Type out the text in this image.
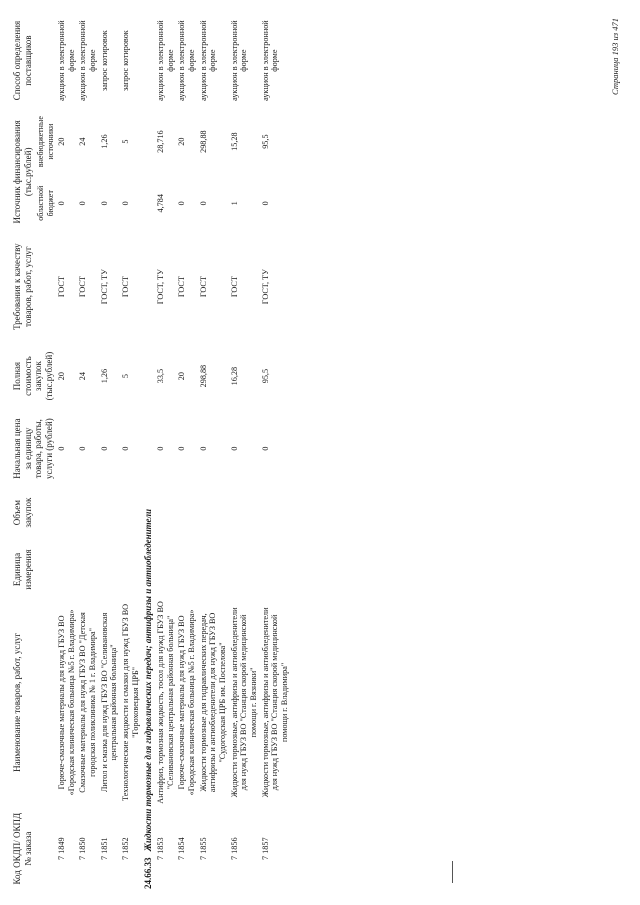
Код ОКДП/ ОКПД № заказа	Наименование товаров, работ, услуг	Единица измерения	Объем закупок	Начальная цена за единицу товара, работы, услуги (рублей)	Полная стоимость закупок (тыс.рублей)	Требования к качеству товаров, работ, услуг	Источник финансирования (тыс.рублей)		Способ определения поставщиков
							областной бюджет	внебюджетные источники	
7 1849	Горюче-смазочные материалы для нужд ГБУЗ ВО «Городская клиническая больница №5 г. Владимира»			0	20	ГОСТ	0	20	аукцион в электронной форме
7 1850	Смазочные материалы для нужд ГБУЗ ВО "Детская городская поликлиника № 1 г. Владимира"			0	24	ГОСТ	0	24	аукцион в электронной форме
7 1851	Литол и смазка для нужд ГБУЗ ВО "Селивановская центральная районная больница"			0	1,26	ГОСТ, ТУ	0	1,26	запрос котировок
7 1852	Технологические жидкости и смазки для нужд ГБУЗ ВО "Гороховецкая ЦРБ"			0	5	ГОСТ	0	5	запрос котировок
24.66.33 Жидкости тормозные для гидравлических передач; антифризы и антиобледенители									
7 1853	Антифриз, тормозная жидкость, тосол для нужд ГБУЗ ВО "Селивановская центральная районная больница"			0	33,5	ГОСТ, ТУ	4,784	28,716	аукцион в электронной форме
7 1854	Горюче-смазочные материалы для нужд ГБУЗ ВО «Городская клиническая больница №5 г. Владимира»			0	20	ГОСТ	0	20	аукцион в электронной форме
7 1855	Жидкости тормозные для гидравлических передач, антифризы и антиобледенители для нужд ГБУЗ ВО "Судогодская ЦРБ им. Поспелова"			0	298,88	ГОСТ	0	298,88	аукцион в электронной форме
7 1856	Жидкости тормозные, антифризы и антиобледенители для нужд ГБУЗ ВО "Станция скорой медицинской помощи г. Вязники"			0	16,28	ГОСТ	1	15,28	аукцион в электронной форме
7 1857	Жидкости тормозные, антифризы и антиобледенители для нужд ГБУЗ ВО "Станция скорой медицинской помощи г. Владимира"			0	95,5	ГОСТ, ТУ	0	95,5	аукцион в электронной форме	Страница 193 из 471
